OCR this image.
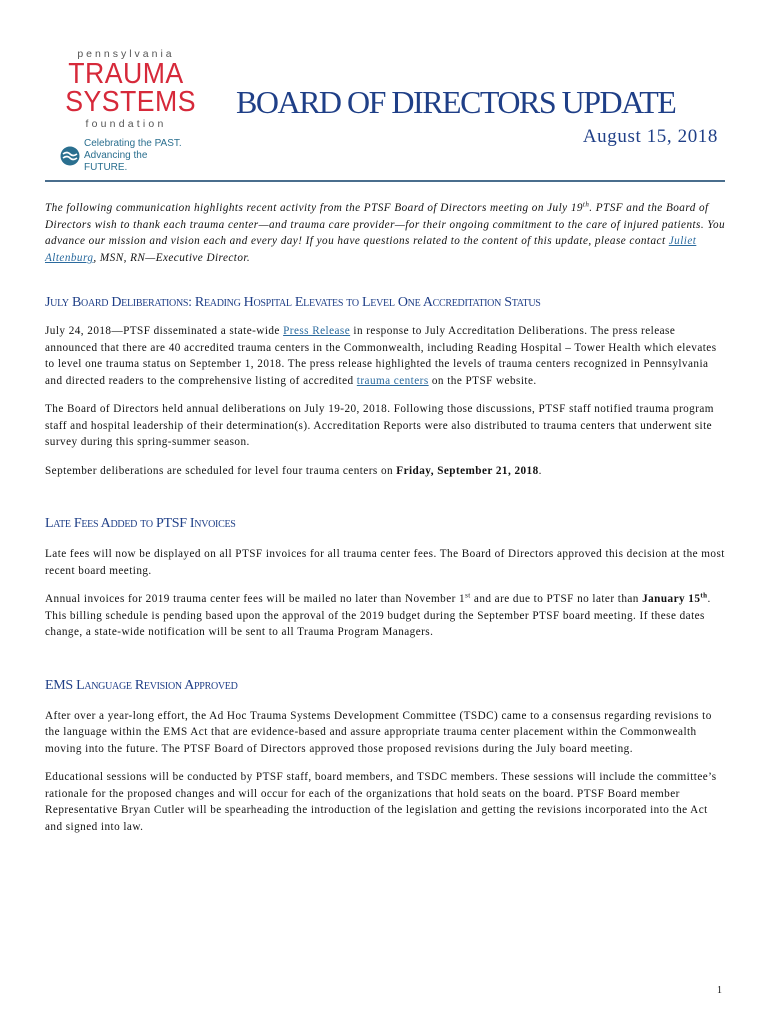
pennsylvania
TRAUMA
SYSTEMS
foundation
Celebrating the PAST.
Advancing the FUTURE.
BOARD OF DIRECTORS UPDATE
August 15, 2018

The following communication highlights recent activity from the PTSF Board of Directors meeting on July 19th. PTSF and the Board of Directors wish to thank each trauma center—and trauma care provider—for their ongoing commitment to the care of injured patients. You advance our mission and vision each and every day! If you have questions related to the content of this update, please contact Juliet Altenburg, MSN, RN—Executive Director.

July Board Deliberations: Reading Hospital Elevates to Level One Accreditation Status

July 24, 2018—PTSF disseminated a state-wide Press Release in response to July Accreditation Deliberations. The press release announced that there are 40 accredited trauma centers in the Commonwealth, including Reading Hospital – Tower Health which elevates to level one trauma status on September 1, 2018. The press release highlighted the levels of trauma centers recognized in Pennsylvania and directed readers to the comprehensive listing of accredited trauma centers on the PTSF website.

The Board of Directors held annual deliberations on July 19-20, 2018. Following those discussions, PTSF staff notified trauma program staff and hospital leadership of their determination(s). Accreditation Reports were also distributed to trauma centers that underwent site survey during this spring-summer season.

September deliberations are scheduled for level four trauma centers on Friday, September 21, 2018.

Late Fees Added to PTSF Invoices

Late fees will now be displayed on all PTSF invoices for all trauma center fees. The Board of Directors approved this decision at the most recent board meeting.

Annual invoices for 2019 trauma center fees will be mailed no later than November 1st and are due to PTSF no later than January 15th. This billing schedule is pending based upon the approval of the 2019 budget during the September PTSF board meeting. If these dates change, a state-wide notification will be sent to all Trauma Program Managers.

EMS Language Revision Approved

After over a year-long effort, the Ad Hoc Trauma Systems Development Committee (TSDC) came to a consensus regarding revisions to the language within the EMS Act that are evidence-based and assure appropriate trauma center placement within the Commonwealth moving into the future. The PTSF Board of Directors approved those proposed revisions during the July board meeting.

Educational sessions will be conducted by PTSF staff, board members, and TSDC members. These sessions will include the committee’s rationale for the proposed changes and will occur for each of the organizations that hold seats on the board. PTSF Board member Representative Bryan Cutler will be spearheading the introduction of the legislation and getting the revisions incorporated into the Act and signed into law.

1
